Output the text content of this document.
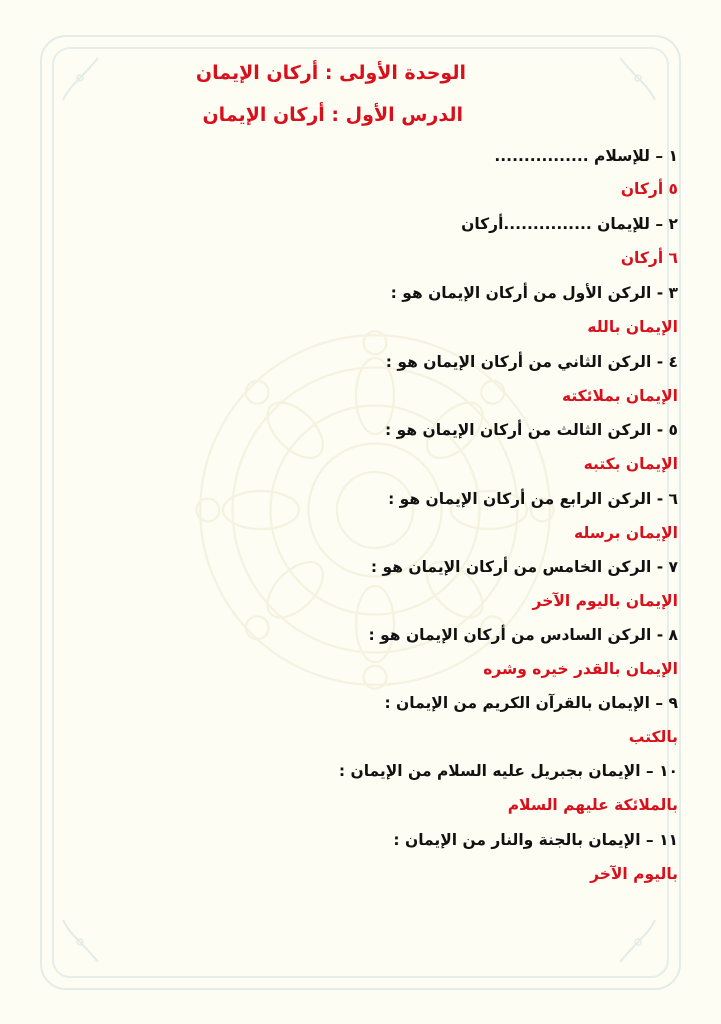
الوحدة الأولى : أركان الإيمان
الدرس الأول : أركان الإيمان
١ – للإسلام ................
٥ أركان
٢ – للإيمان ...............أركان
٦ أركان
٣ - الركن الأول من أركان الإيمان هو :
الإيمان بالله
٤ - الركن الثاني من أركان الإيمان هو :
الإيمان بملائكته
٥ - الركن الثالث من أركان الإيمان هو :
الإيمان بكتبه
٦ - الركن الرابع من أركان الإيمان هو :
الإيمان برسله
٧ - الركن الخامس من أركان الإيمان هو :
الإيمان باليوم الآخر
٨ - الركن السادس من أركان الإيمان هو :
الإيمان بالقدر خيره وشره
٩ – الإيمان بالقرآن الكريم من الإيمان :
بالكتب
١٠ – الإيمان بجبريل عليه السلام من الإيمان :
بالملائكة عليهم السلام
١١ – الإيمان بالجنة والنار من الإيمان :
باليوم الآخر
